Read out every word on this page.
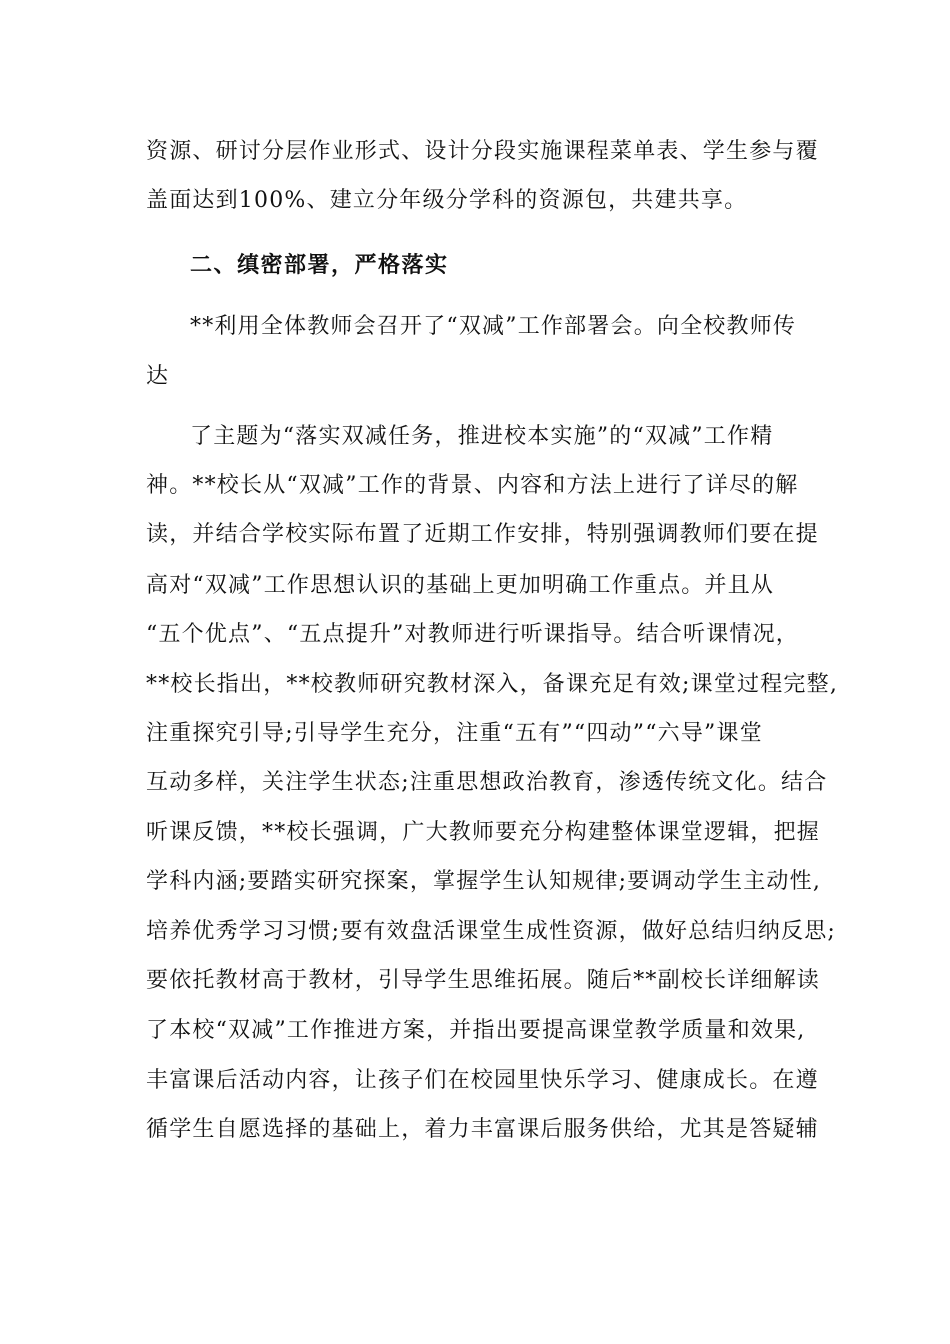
资源、研讨分层作业形式、设计分段实施课程菜单表、学生参与覆
盖面达到100%、建立分年级分学科的资源包，共建共享。
二、缜密部署，严格落实
**利用全体教师会召开了“双减”工作部署会。向全校教师传
达
了主题为“落实双减任务，推进校本实施”的“双减”工作精
神。**校长从“双减”工作的背景、内容和方法上进行了详尽的解
读，并结合学校实际布置了近期工作安排，特别强调教师们要在提
高对“双减”工作思想认识的基础上更加明确工作重点。并且从
“五个优点”、“五点提升”对教师进行听课指导。结合听课情况，
**校长指出，**校教师研究教材深入，备课充足有效;课堂过程完整,
注重探究引导;引导学生充分，注重“五有”“四动”“六导”课堂
互动多样，关注学生状态;注重思想政治教育，渗透传统文化。结合
听课反馈，**校长强调，广大教师要充分构建整体课堂逻辑，把握
学科内涵;要踏实研究探案，掌握学生认知规律;要调动学生主动性,
培养优秀学习习惯;要有效盘活课堂生成性资源，做好总结归纳反思;
要依托教材高于教材，引导学生思维拓展。随后**副校长详细解读
了本校“双减”工作推进方案，并指出要提高课堂教学质量和效果,
丰富课后活动内容，让孩子们在校园里快乐学习、健康成长。在遵
循学生自愿选择的基础上，着力丰富课后服务供给，尤其是答疑辅
